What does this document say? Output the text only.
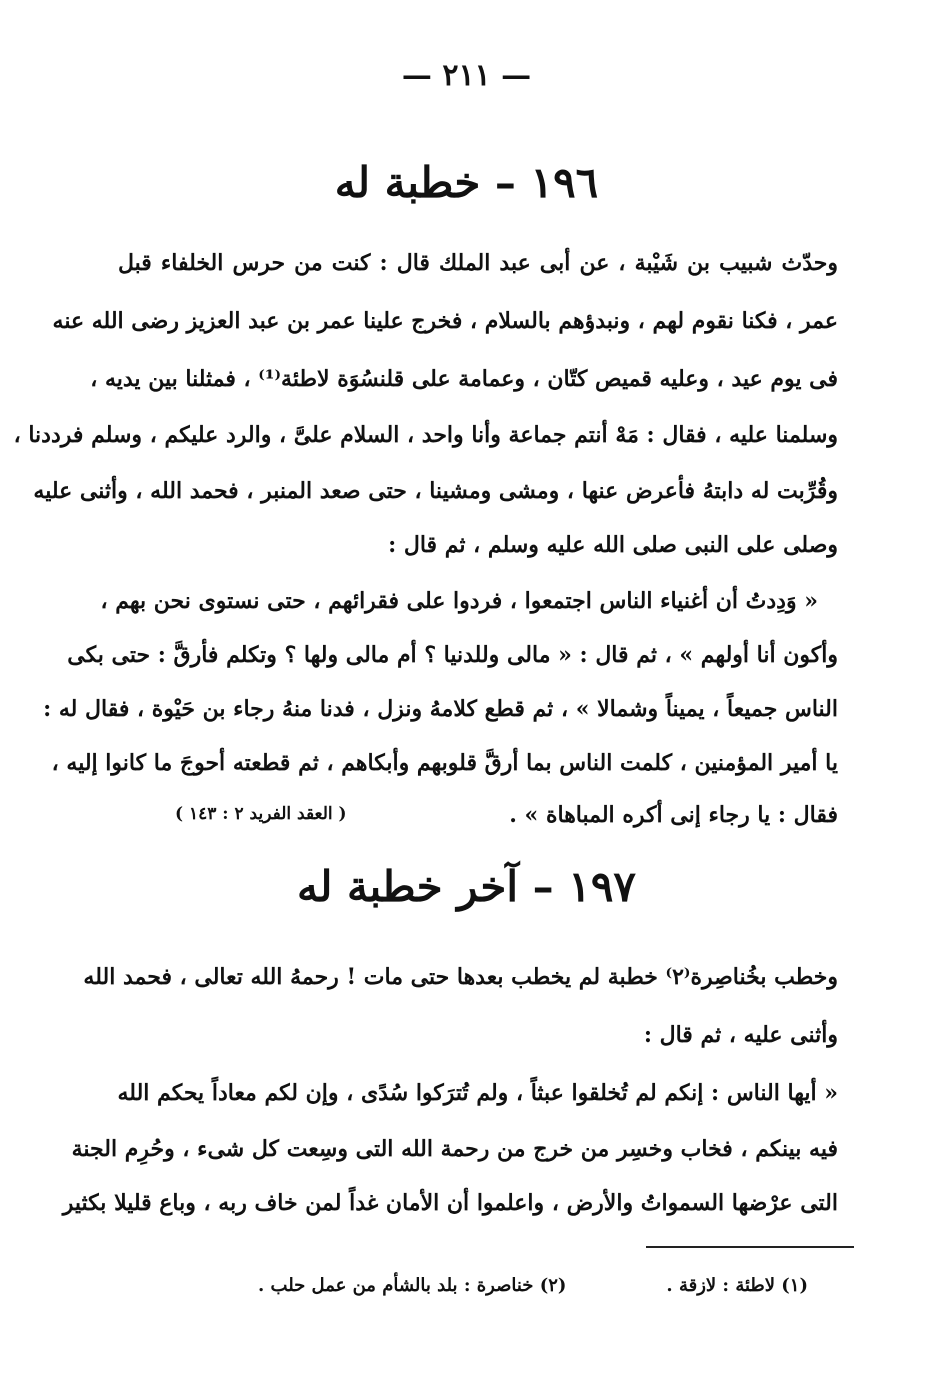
— ٢١١ —
١٩٦ – خطبة له
وحدّث شبيب بن شَيْبة ، عن أبى عبد الملك قال : كنت من حرس الخلفاء قبل
عمر ، فكنا نقوم لهم ، ونبدؤهم بالسلام ، فخرج علينا عمر بن عبد العزيز رضى الله عنه
فى يوم عيد ، وعليه قميص كتّان ، وعمامة على قلنسُوَة لاطئة⁽¹⁾ ، فمثلنا بين يديه ،
وسلمنا عليه ، فقال : مَهْ أنتم جماعة وأنا واحد ، السلام علىَّ ، والرد عليكم ، وسلم فرددنا ،
وقُرِّبت له دابتهُ فأعرض عنها ، ومشى ومشينا ، حتى صعد المنبر ، فحمد الله ، وأثنى عليه
وصلى على النبى صلى الله عليه وسلم ، ثم قال :
« وَدِدتُ أن أغنياء الناس اجتمعوا ، فردوا على فقرائهم ، حتى نستوى نحن بهم ،
وأكون أنا أولهم » ، ثم قال : « مالى وللدنيا ؟ أم مالى ولها ؟ وتكلم فأرقَّ : حتى بكى
الناس جميعاً ، يميناً وشمالا » ، ثم قطع كلامهُ ونزل ، فدنا منهُ رجاء بن حَيْوة ، فقال له :
يا أمير المؤمنين ، كلمت الناس بما أرقَّ قلوبهم وأبكاهم ، ثم قطعته أحوجَ ما كانوا إليه ،
فقال : يا رجاء إنى أكره المباهاة » .
( العقد الفريد ٢ : ١٤٣ )
١٩٧ – آخر خطبة له
وخطب بخُناصِرة⁽٢⁾ خطبة لم يخطب بعدها حتى مات ! رحمهُ الله تعالى ، فحمد الله
وأثنى عليه ، ثم قال :
« أيها الناس : إنكم لم تُخلقوا عبثاً ، ولم تُترَكوا سُدًى ، وإن لكم معاداً يحكم الله
فيه بينكم ، فخاب وخسِر من خرج من رحمة الله التى وسِعت كل شىء ، وحُرِم الجنة
التى عرْضها السمواتُ والأرض ، واعلموا أن الأمان غداً لمن خاف ربه ، وباع قليلا بكثير
(١) لاطئة : لازقة .
(٢) خناصرة : بلد بالشأم من عمل حلب .
